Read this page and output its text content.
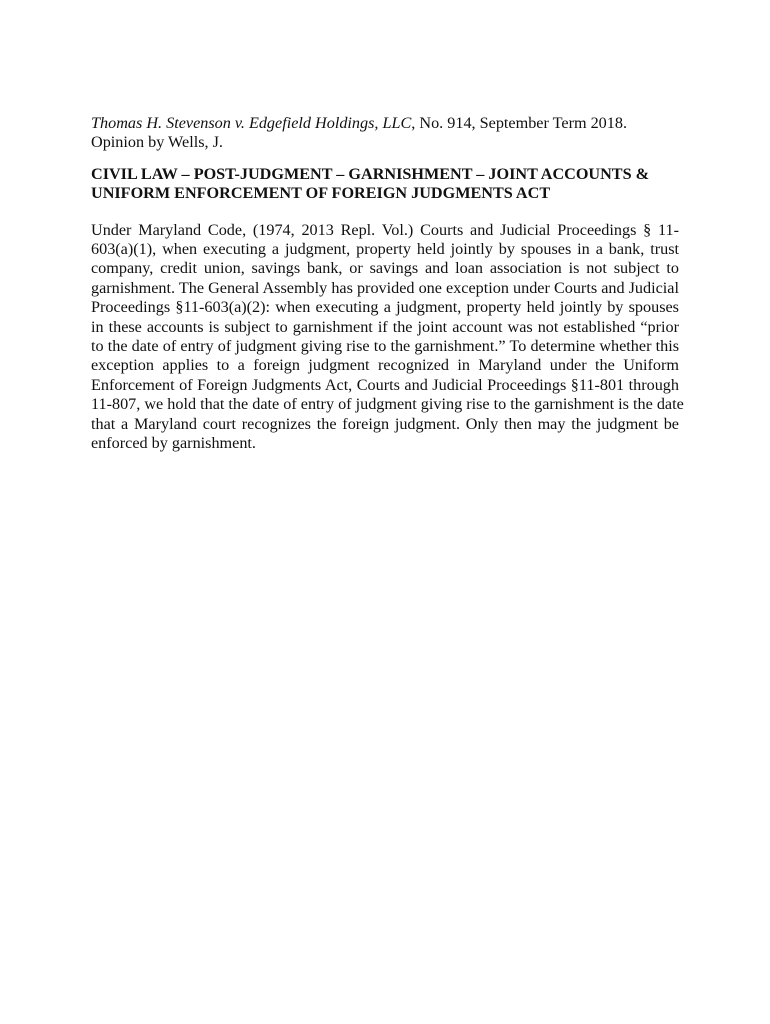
Thomas H. Stevenson v. Edgefield Holdings, LLC, No. 914, September Term 2018.

Opinion by Wells, J.

CIVIL LAW – POST-JUDGMENT – GARNISHMENT – JOINT ACCOUNTS &

UNIFORM ENFORCEMENT OF FOREIGN JUDGMENTS ACT

Under Maryland Code, (1974, 2013 Repl. Vol.) Courts and Judicial Proceedings § 11-
603(a)(1), when executing a judgment, property held jointly by spouses in a bank, trust
company, credit union, savings bank, or savings and loan association is not subject to
garnishment. The General Assembly has provided one exception under Courts and Judicial
Proceedings §11-603(a)(2): when executing a judgment, property held jointly by spouses
in these accounts is subject to garnishment if the joint account was not established “prior
to the date of entry of judgment giving rise to the garnishment.” To determine whether this
exception applies to a foreign judgment recognized in Maryland under the Uniform
Enforcement of Foreign Judgments Act, Courts and Judicial Proceedings §11-801 through
11-807, we hold that the date of entry of judgment giving rise to the garnishment is the date
that a Maryland court recognizes the foreign judgment. Only then may the judgment be
enforced by garnishment.
